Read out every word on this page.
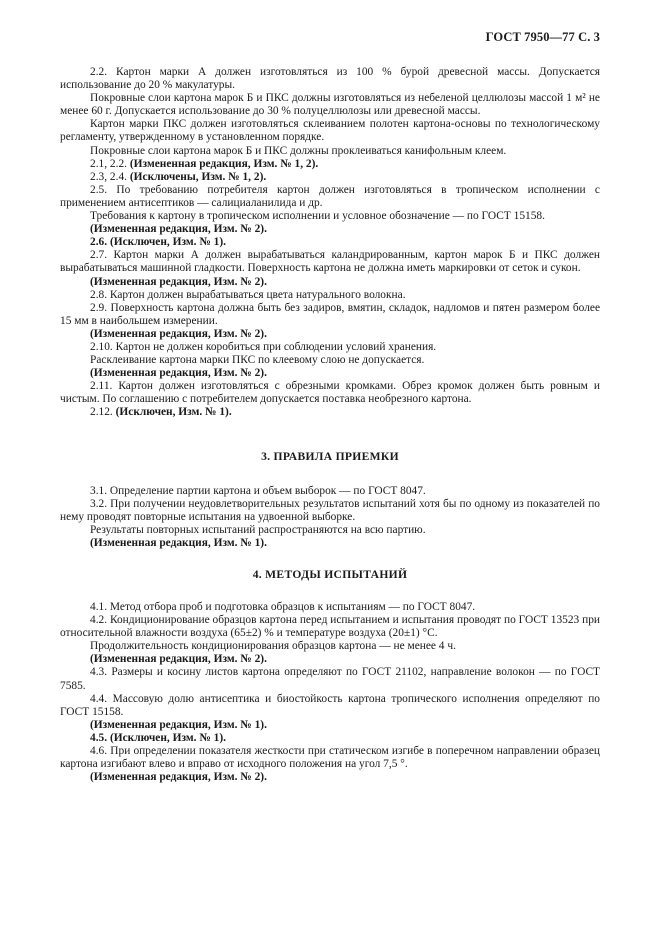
ГОСТ 7950—77 С. 3

2.2. Картон марки А должен изготовляться из 100 % бурой древесной массы. Допускается использование до 20 % макулатуры.

Покровные слои картона марок Б и ПКС должны изготовляться из небеленой целлюлозы массой 1 м² не менее 60 г. Допускается использование до 30 % полуцеллюлозы или древесной массы.

Картон марки ПКС должен изготовляться склеиванием полотен картона-основы по технологическому регламенту, утвержденному в установленном порядке.

Покровные слои картона марок Б и ПКС должны проклеиваться канифольным клеем.

2.1, 2.2. (Измененная редакция, Изм. № 1, 2).

2.3, 2.4. (Исключены, Изм. № 1, 2).

2.5. По требованию потребителя картон должен изготовляться в тропическом исполнении с применением антисептиков — салициаланилида и др.

Требования к картону в тропическом исполнении и условное обозначение — по ГОСТ 15158.

(Измененная редакция, Изм. № 2).

2.6. (Исключен, Изм. № 1).

2.7. Картон марки А должен вырабатываться каландрированным, картон марок Б и ПКС должен вырабатываться машинной гладкости. Поверхность картона не должна иметь маркировки от сеток и сукон.

(Измененная редакция, Изм. № 2).

2.8. Картон должен вырабатываться цвета натурального волокна.

2.9. Поверхность картона должна быть без задиров, вмятин, складок, надломов и пятен размером более 15 мм в наибольшем измерении.

(Измененная редакция, Изм. № 2).

2.10. Картон не должен коробиться при соблюдении условий хранения.

Расклеивание картона марки ПКС по клеевому слою не допускается.

(Измененная редакция, Изм. № 2).

2.11. Картон должен изготовляться с обрезными кромками. Обрез кромок должен быть ровным и чистым. По соглашению с потребителем допускается поставка необрезного картона.

2.12. (Исключен, Изм. № 1).

3. ПРАВИЛА ПРИЕМКИ

3.1. Определение партии картона и объем выборок — по ГОСТ 8047.

3.2. При получении неудовлетворительных результатов испытаний хотя бы по одному из показателей по нему проводят повторные испытания на удвоенной выборке.

Результаты повторных испытаний распространяются на всю партию.

(Измененная редакция, Изм. № 1).

4. МЕТОДЫ ИСПЫТАНИЙ

4.1. Метод отбора проб и подготовка образцов к испытаниям — по ГОСТ 8047.

4.2. Кондиционирование образцов картона перед испытанием и испытания проводят по ГОСТ 13523 при относительной влажности воздуха (65±2) % и температуре воздуха (20±1) °С.

Продолжительность кондиционирования образцов картона — не менее 4 ч.

(Измененная редакция, Изм. № 2).

4.3. Размеры и косину листов картона определяют по ГОСТ 21102, направление волокон — по ГОСТ 7585.

4.4. Массовую долю антисептика и биостойкость картона тропического исполнения определяют по ГОСТ 15158.

(Измененная редакция, Изм. № 1).

4.5. (Исключен, Изм. № 1).

4.6. При определении показателя жесткости при статическом изгибе в поперечном направлении образец картона изгибают влево и вправо от исходного положения на угол 7,5 °.

(Измененная редакция, Изм. № 2).
